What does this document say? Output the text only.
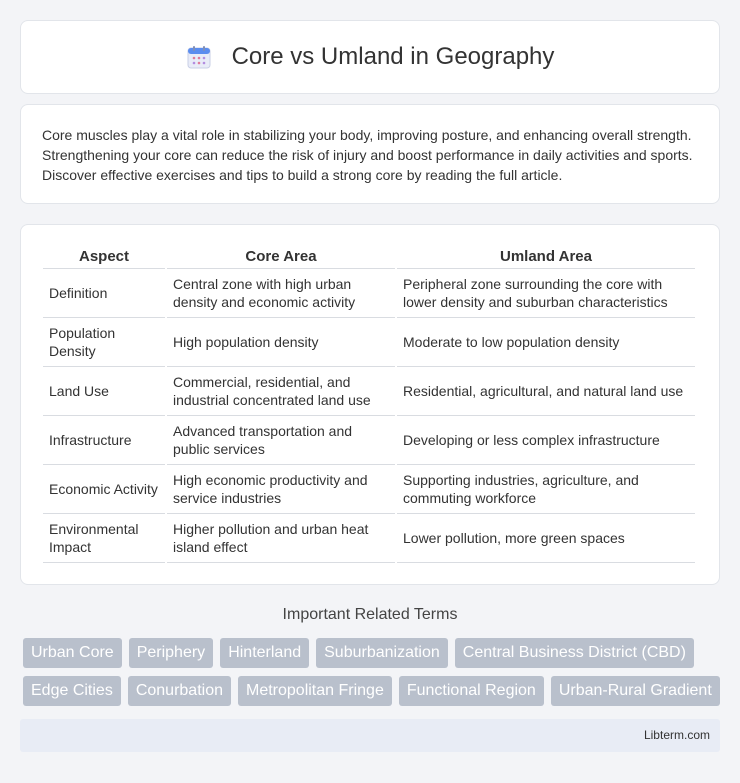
Core vs Umland in Geography

Core muscles play a vital role in stabilizing your body, improving posture, and enhancing overall strength. Strengthening your core can reduce the risk of injury and boost performance in daily activities and sports. Discover effective exercises and tips to build a strong core by reading the full article.

Aspect	Core Area	Umland Area
Definition	Central zone with high urban density and economic activity	Peripheral zone surrounding the core with lower density and suburban characteristics
Population Density	High population density	Moderate to low population density
Land Use	Commercial, residential, and industrial concentrated land use	Residential, agricultural, and natural land use
Infrastructure	Advanced transportation and public services	Developing or less complex infrastructure
Economic Activity	High economic productivity and service industries	Supporting industries, agriculture, and commuting workforce
Environmental Impact	Higher pollution and urban heat island effect	Lower pollution, more green spaces
Important Related Terms
Urban Core	Periphery	Hinterland	Suburbanization	Central Business District (CBD)
Edge Cities	Conurbation	Metropolitan Fringe	Functional Region	Urban-Rural Gradient
Libterm.com
